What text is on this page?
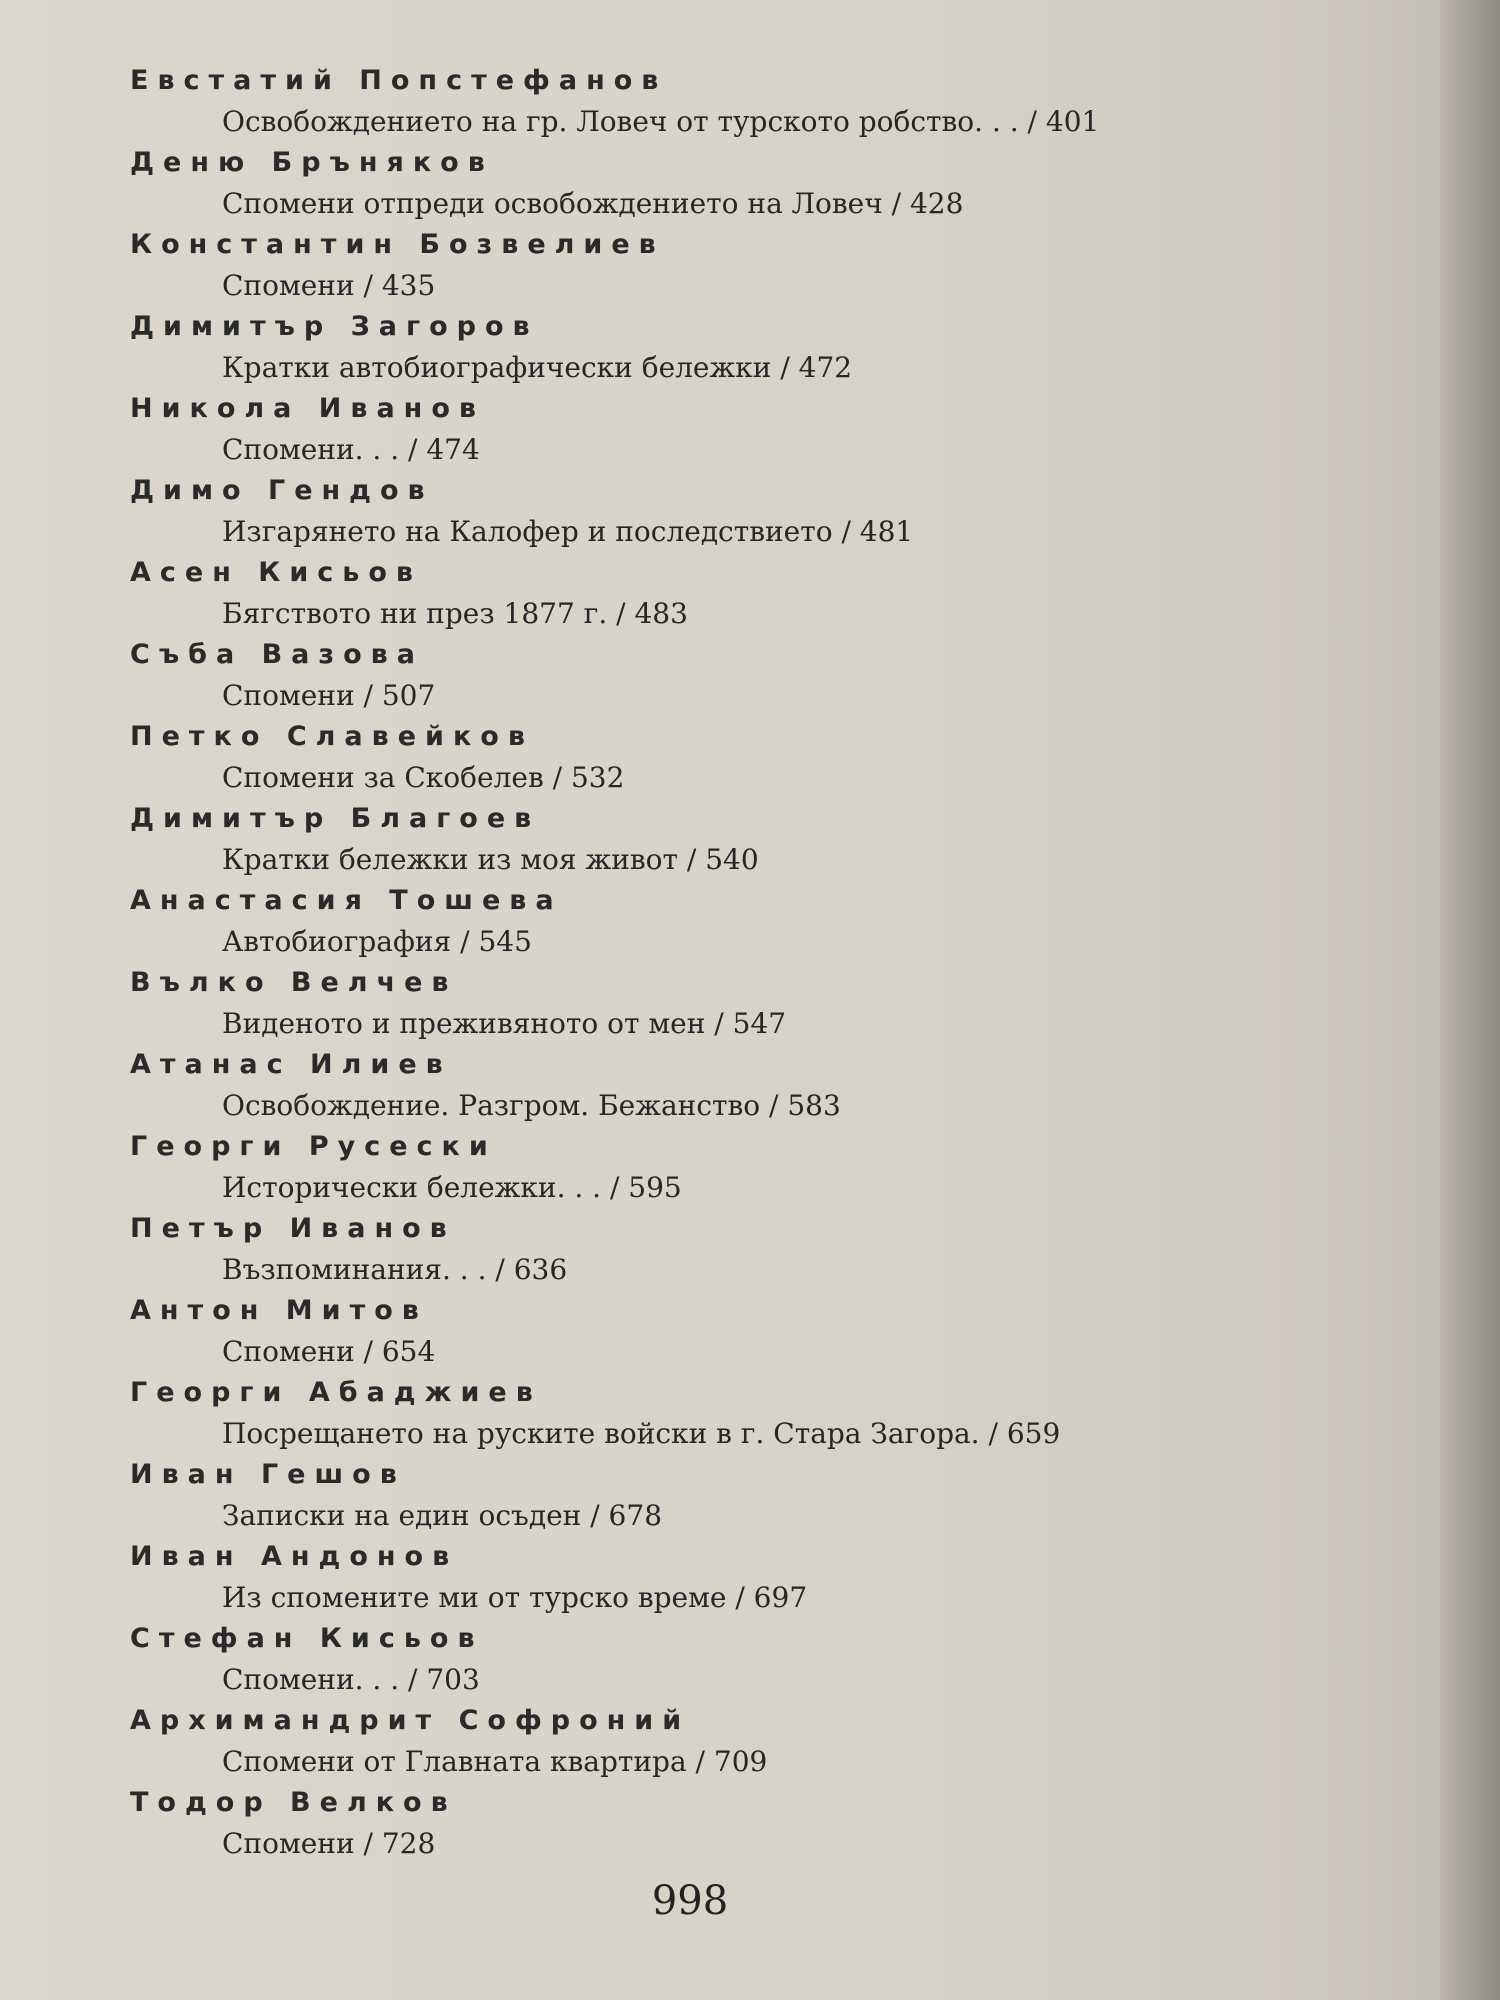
Евстатий Попстефанов
Освобождението на гр. Ловеч от турското робство. . . / 401
Деню Бръняков
Спомени отпреди освобождението на Ловеч / 428
Константин Бозвелиев
Спомени / 435
Димитър Загоров
Кратки автобиографически бележки / 472
Никола Иванов
Спомени. . . / 474
Димо Гендов
Изгарянето на Калофер и последствието / 481
Асен Кисьов
Бягството ни през 1877 г. / 483
Съба Вазова
Спомени / 507
Петко Славейков
Спомени за Скобелев / 532
Димитър Благоев
Кратки бележки из моя живот / 540
Анастасия Тошева
Автобиография / 545
Вълко Велчев
Виденото и преживяното от мен / 547
Атанас Илиев
Освобождение. Разгром. Бежанство / 583
Георги Русески
Исторически бележки. . . / 595
Петър Иванов
Възпоминания. . . / 636
Антон Митов
Спомени / 654
Георги Абаджиев
Посрещането на руските войски в г. Стара Загора. / 659
Иван Гешов
Записки на един осъден / 678
Иван Андонов
Из спомените ми от турско време / 697
Стефан Кисьов
Спомени. . . / 703
Архимандрит Софроний
Спомени от Главната квартира / 709
Тодор Велков
Спомени / 728
998
